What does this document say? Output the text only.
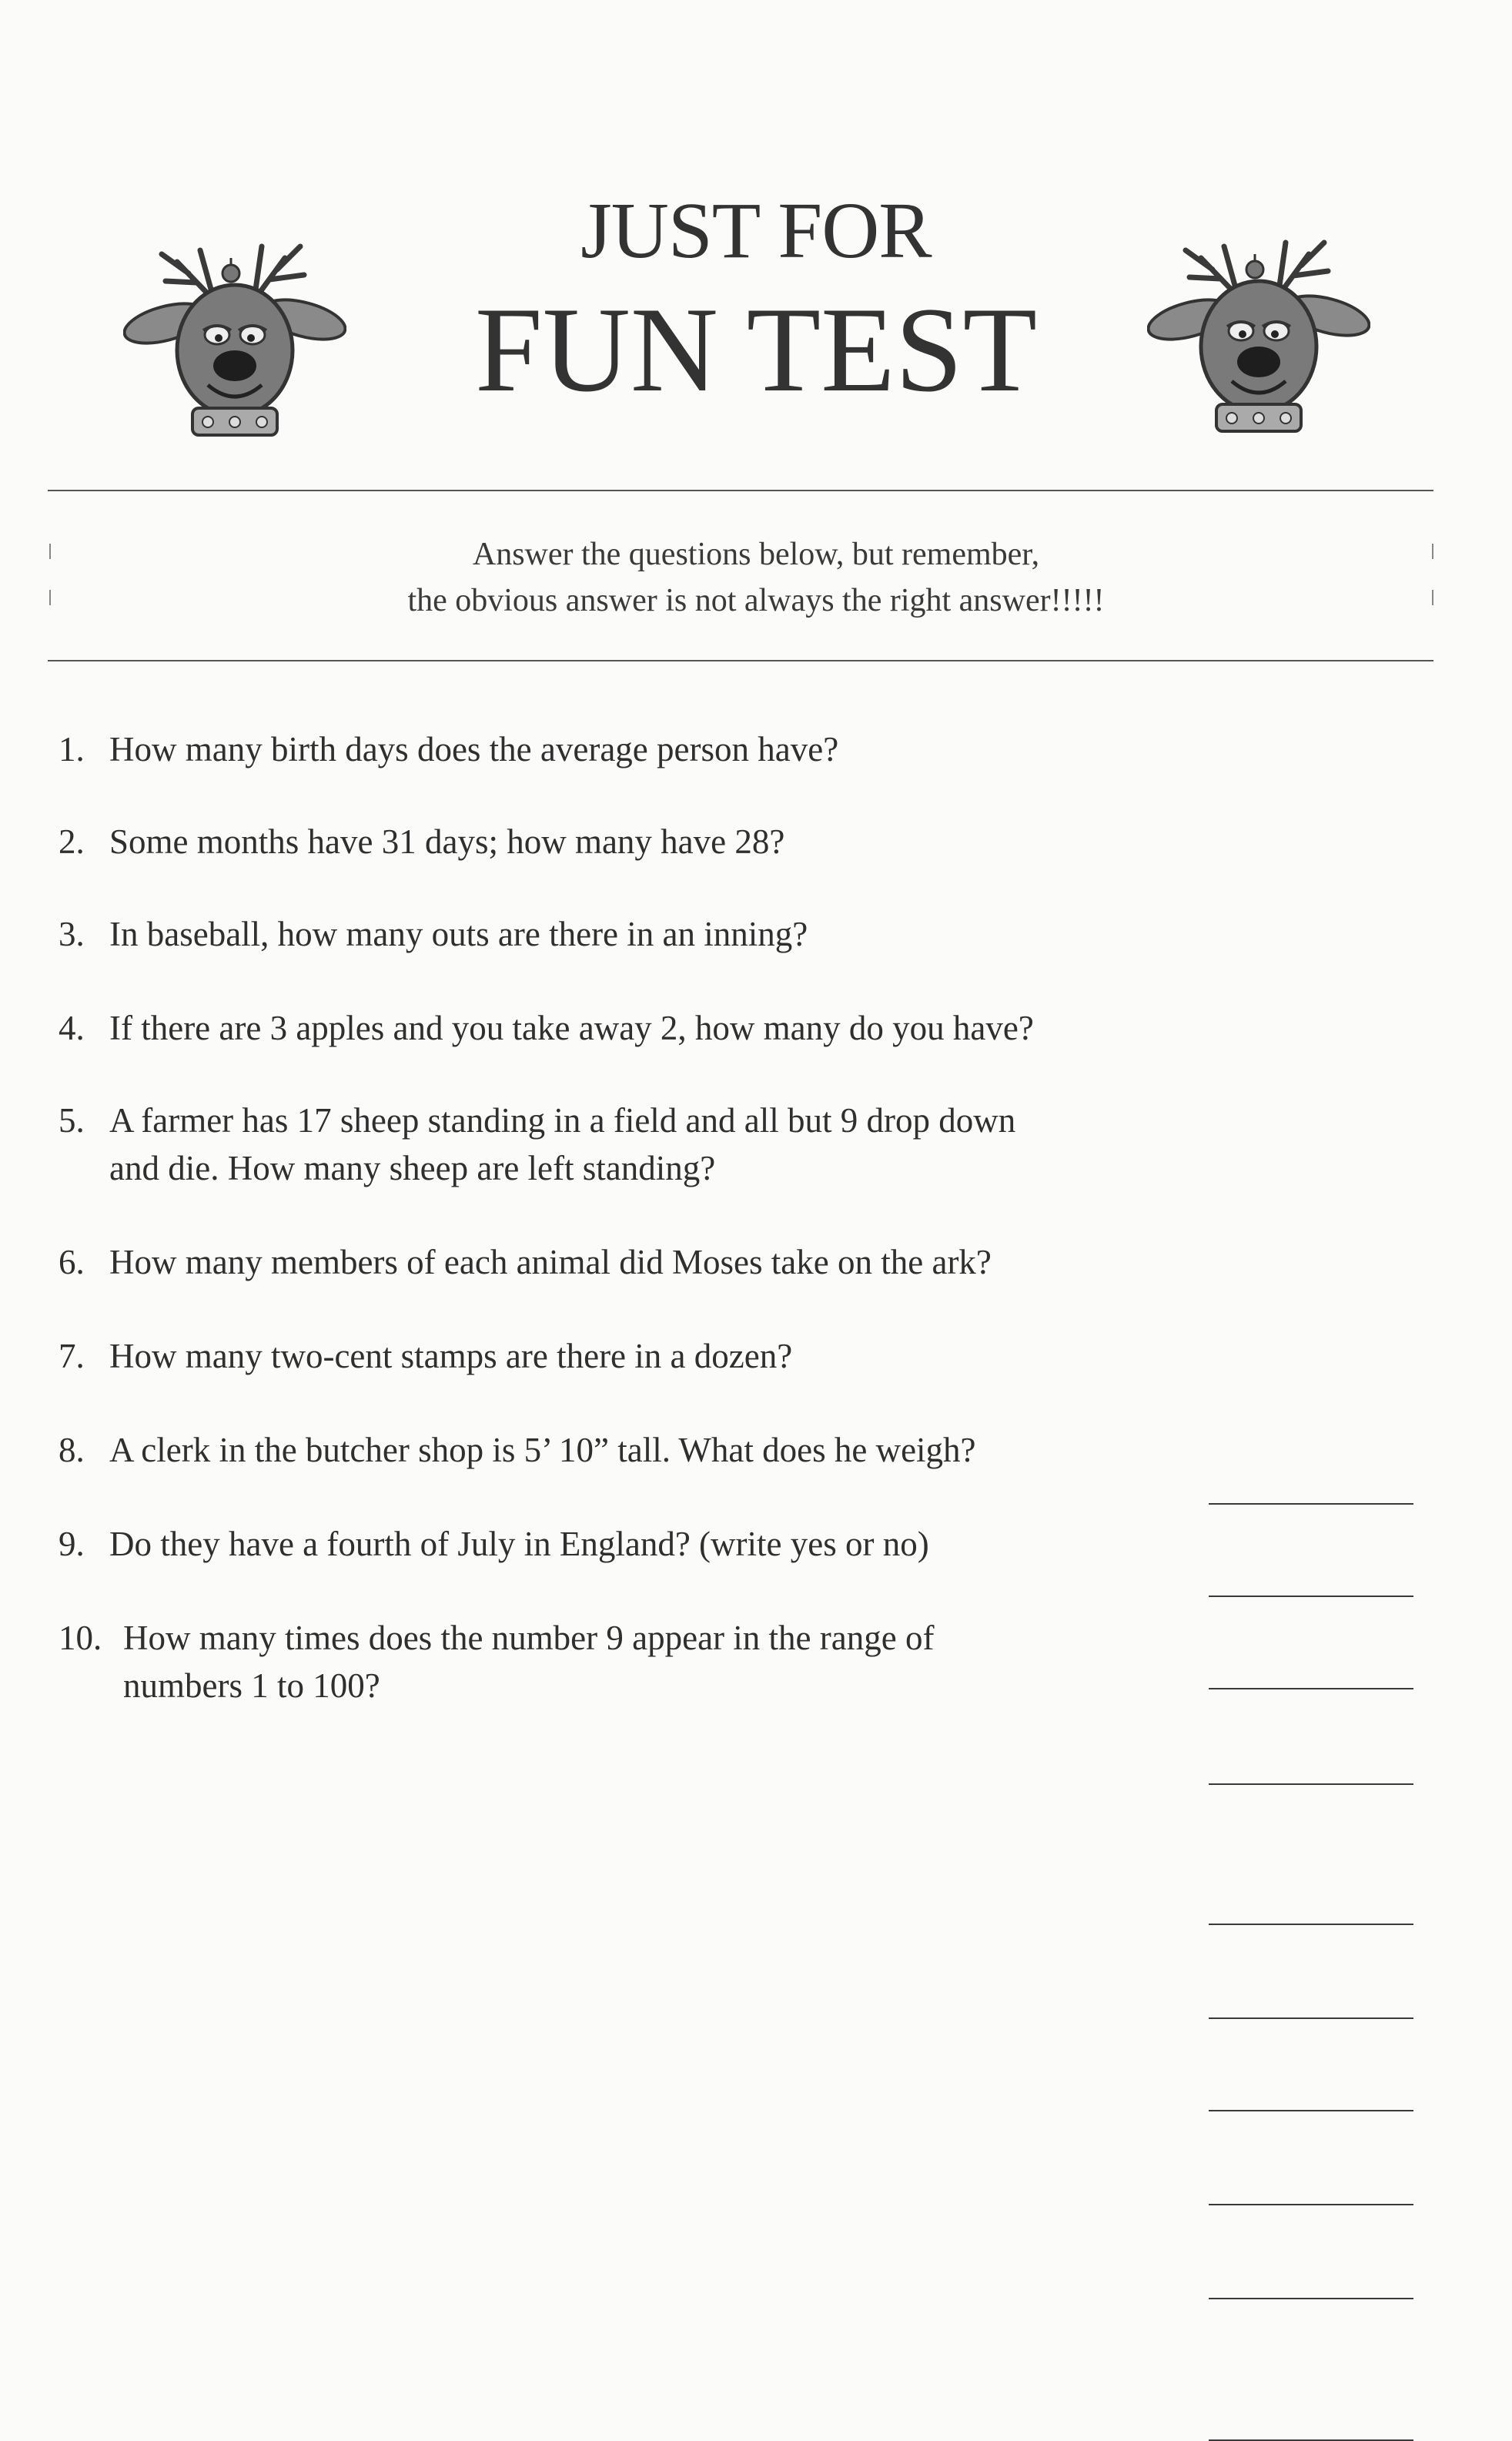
JUST FOR
FUN TEST
Answer the questions below, but remember,
the obvious answer is not always the right answer!!!!!
1. How many birth days does the average person have?
2. Some months have 31 days; how many have 28?
3. In baseball, how many outs are there in an inning?
4. If there are 3 apples and you take away 2, how many do you have?
5. A farmer has 17 sheep standing in a field and all but 9 drop down
and die. How many sheep are left standing?
6. How many members of each animal did Moses take on the ark?
7. How many two-cent stamps are there in a dozen?
8. A clerk in the butcher shop is 5’ 10” tall. What does he weigh?
9. Do they have a fourth of July in England? (write yes or no)
10. How many times does the number 9 appear in the range of
numbers 1 to 100?
